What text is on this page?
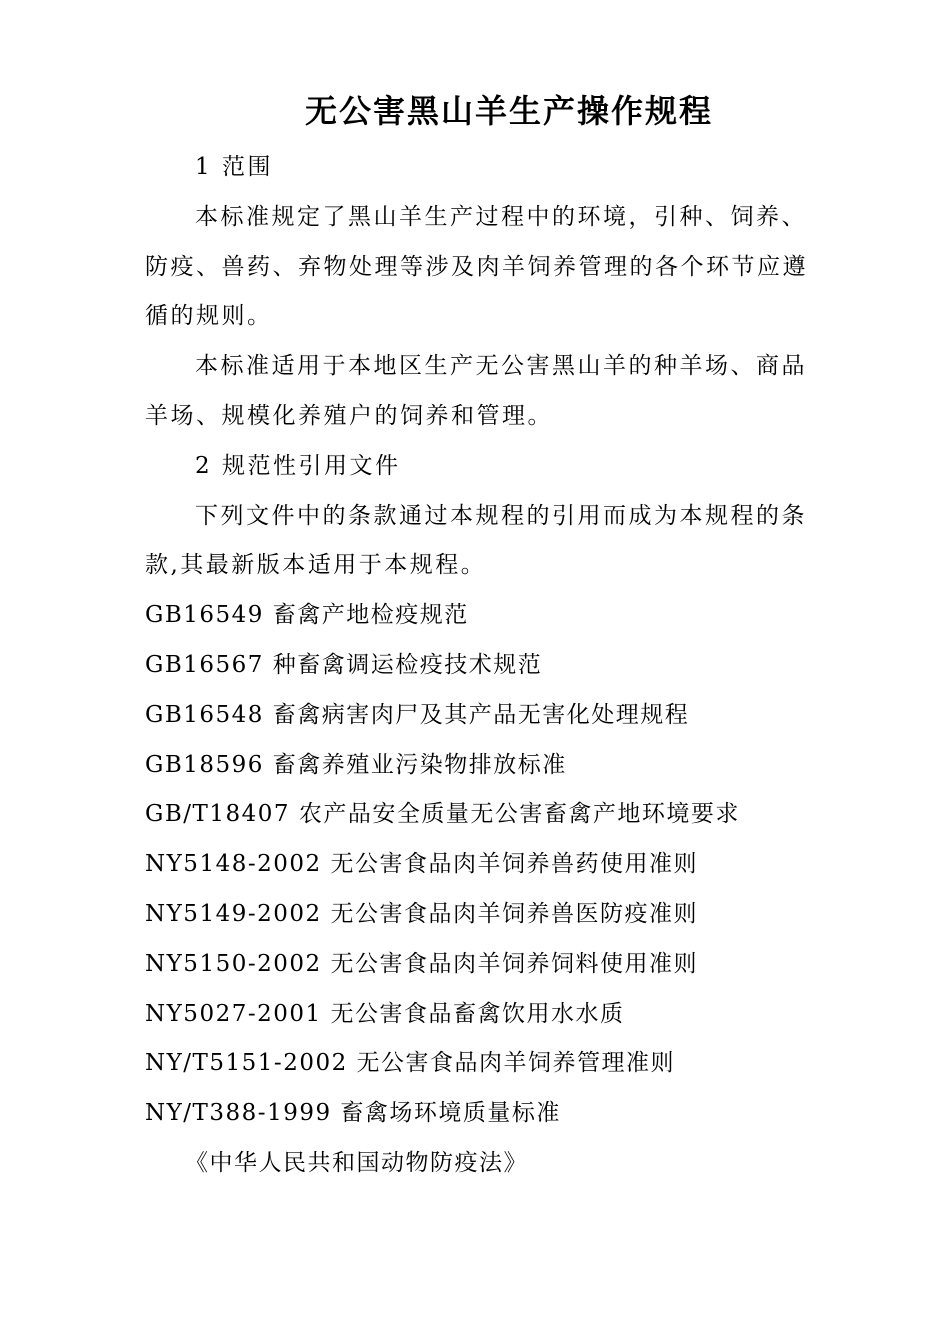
无公害黑山羊生产操作规程

1 范围

本标准规定了黑山羊生产过程中的环境，引种、饲养、防疫、兽药、弃物处理等涉及肉羊饲养管理的各个环节应遵循的规则。

本标准适用于本地区生产无公害黑山羊的种羊场、商品羊场、规模化养殖户的饲养和管理。

2 规范性引用文件

下列文件中的条款通过本规程的引用而成为本规程的条款,其最新版本适用于本规程。

GB16549 畜禽产地检疫规范

GB16567 种畜禽调运检疫技术规范

GB16548 畜禽病害肉尸及其产品无害化处理规程

GB18596 畜禽养殖业污染物排放标准

GB/T18407 农产品安全质量无公害畜禽产地环境要求

NY5148-2002 无公害食品肉羊饲养兽药使用准则

NY5149-2002 无公害食品肉羊饲养兽医防疫准则

NY5150-2002 无公害食品肉羊饲养饲料使用准则

NY5027-2001 无公害食品畜禽饮用水水质

NY/T5151-2002 无公害食品肉羊饲养管理准则

NY/T388-1999 畜禽场环境质量标准

《中华人民共和国动物防疫法》
